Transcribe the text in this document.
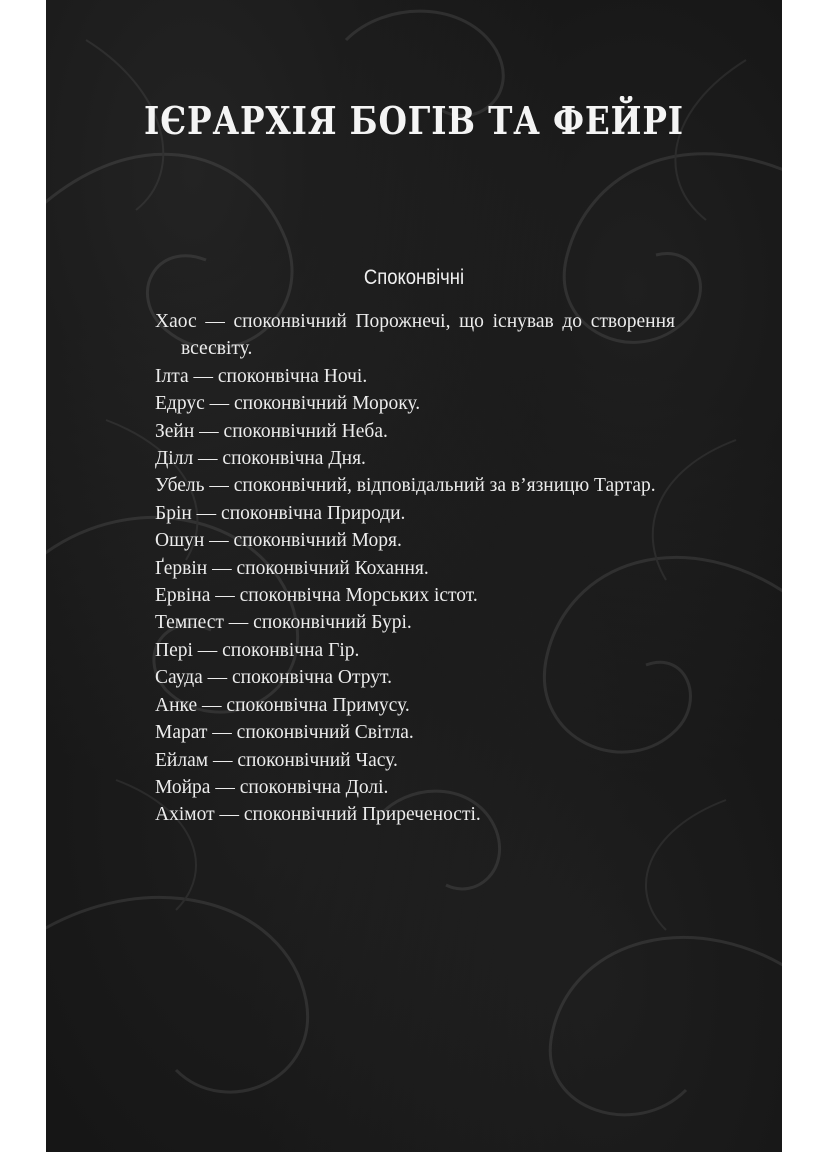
ІЄРАРХІЯ БОГІВ ТА ФЕЙРІ
Споконвічні
Хаос — споконвічний Порожнечі, що існував до створення всесвіту.
Ілта — споконвічна Ночі.
Едрус — споконвічний Мороку.
Зейн — споконвічний Неба.
Ділл — споконвічна Дня.
Убель — споконвічний, відповідальний за в’язницю Тартар.
Брін — споконвічна Природи.
Ошун — споконвічний Моря.
Ґервін — споконвічний Кохання.
Ервіна — споконвічна Морських істот.
Темпест — споконвічний Бурі.
Пері — споконвічна Гір.
Сауда — споконвічна Отрут.
Анке — споконвічна Примусу.
Марат — споконвічний Світла.
Ейлам — споконвічний Часу.
Мойра — споконвічна Долі.
Ахімот — споконвічний Приреченості.
